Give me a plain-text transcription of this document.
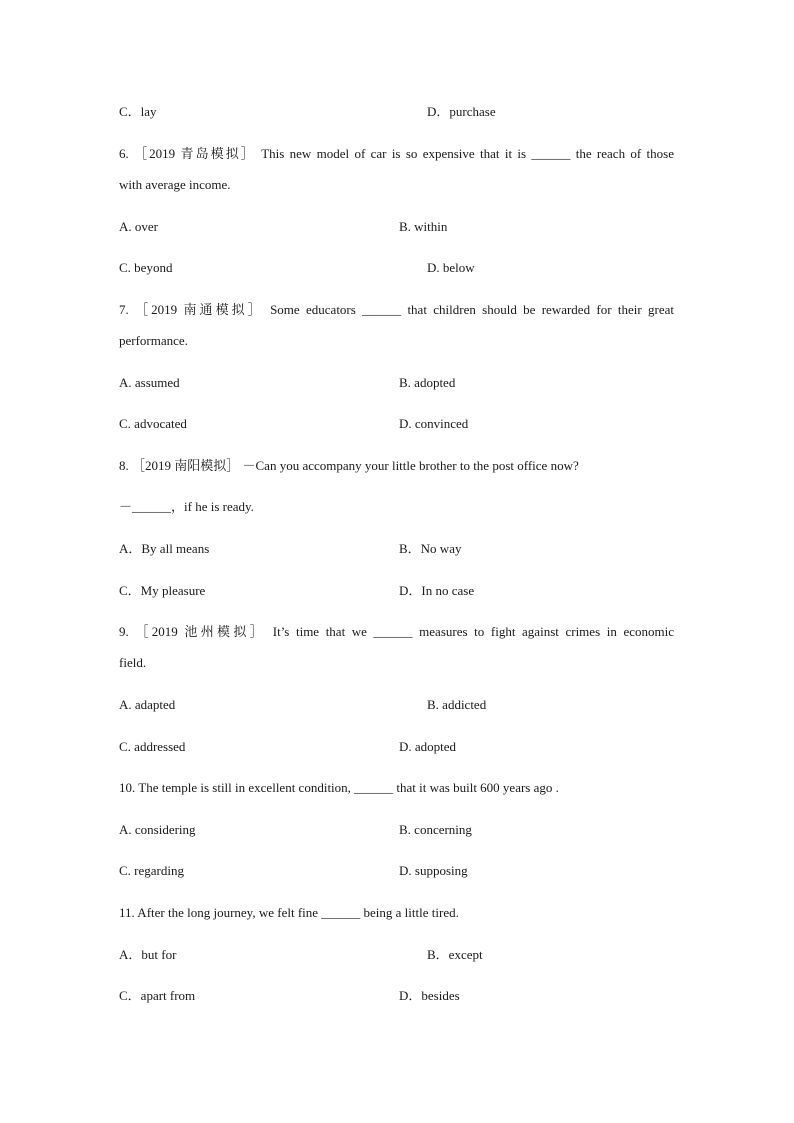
C．lay	D．purchase
6. ［2019 青岛模拟］ This new model of car is so expensive that it is ______ the reach of those
with average income.
A. over	B. within
C. beyond	D. below
7. ［2019 南通模拟］ Some educators ______ that children should be rewarded for their great
performance.
A. assumed	B. adopted
C. advocated	D. convinced
8. ［2019 南阳模拟］ －Can you accompany your little brother to the post office now?
－______，if he is ready.
A．By all means	B．No way
C．My pleasure	D．In no case
9. ［2019 池州模拟］ It’s time that we ______ measures to fight against crimes in economic
field.
A. adapted	B. addicted
C. addressed	D. adopted
10. The temple is still in excellent condition, ______ that it was built 600 years ago .
A. considering	B. concerning
C. regarding	D. supposing
11. After the long journey, we felt fine ______ being a little tired.
A．but for	B．except
C．apart from	D．besides
